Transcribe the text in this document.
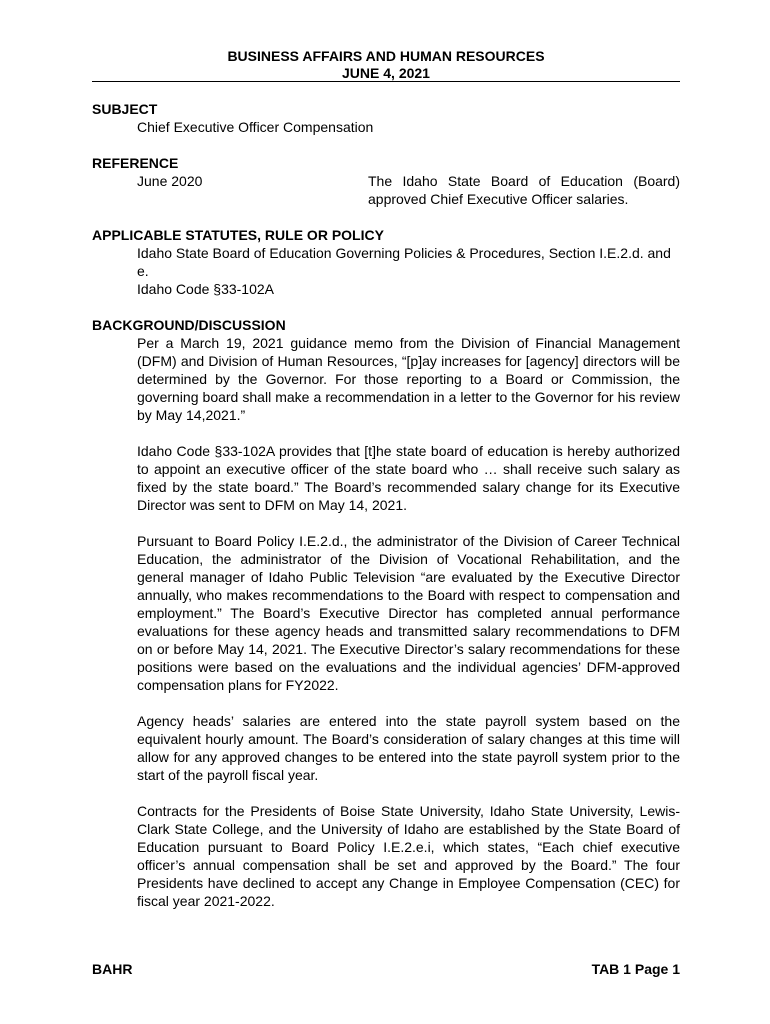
BUSINESS AFFAIRS AND HUMAN RESOURCES
JUNE 4, 2021
SUBJECT
Chief Executive Officer Compensation
REFERENCE
June 2020	The Idaho State Board of Education (Board) approved Chief Executive Officer salaries.
APPLICABLE STATUTES, RULE OR POLICY
Idaho State Board of Education Governing Policies & Procedures, Section I.E.2.d. and e.
Idaho Code §33-102A
BACKGROUND/DISCUSSION

Per a March 19, 2021 guidance memo from the Division of Financial Management (DFM) and Division of Human Resources, “[p]ay increases for [agency] directors will be determined by the Governor. For those reporting to a Board or Commission, the governing board shall make a recommendation in a letter to the Governor for his review by May 14,2021.”

Idaho Code §33-102A provides that [t]he state board of education is hereby authorized to appoint an executive officer of the state board who … shall receive such salary as fixed by the state board.” The Board’s recommended salary change for its Executive Director was sent to DFM on May 14, 2021.

Pursuant to Board Policy I.E.2.d., the administrator of the Division of Career Technical Education, the administrator of the Division of Vocational Rehabilitation, and the general manager of Idaho Public Television “are evaluated by the Executive Director annually, who makes recommendations to the Board with respect to compensation and employment.” The Board’s Executive Director has completed annual performance evaluations for these agency heads and transmitted salary recommendations to DFM on or before May 14, 2021. The Executive Director’s salary recommendations for these positions were based on the evaluations and the individual agencies’ DFM-approved compensation plans for FY2022.

Agency heads’ salaries are entered into the state payroll system based on the equivalent hourly amount. The Board’s consideration of salary changes at this time will allow for any approved changes to be entered into the state payroll system prior to the start of the payroll fiscal year.

Contracts for the Presidents of Boise State University, Idaho State University, Lewis-Clark State College, and the University of Idaho are established by the State Board of Education pursuant to Board Policy I.E.2.e.i, which states, “Each chief executive officer’s annual compensation shall be set and approved by the Board.” The four Presidents have declined to accept any Change in Employee Compensation (CEC) for fiscal year 2021-2022.

BAHR	TAB 1 Page 1
